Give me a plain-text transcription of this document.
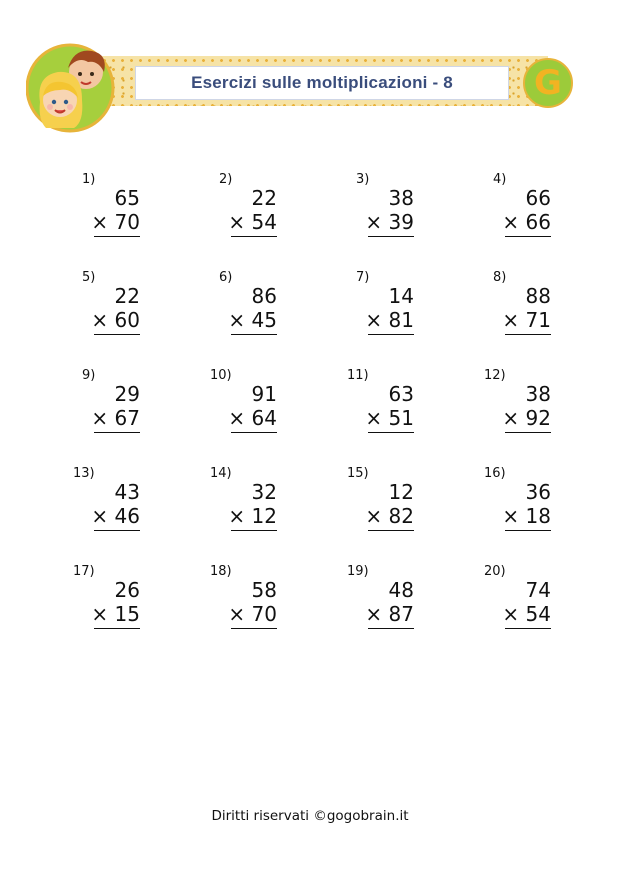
Esercizi sulle moltiplicazioni - 8 G
1)
65
× 70
2)
22
× 54
3)
38
× 39
4)
66
× 66
5)
22
× 60
6)
86
× 45
7)
14
× 81
8)
88
× 71
9)
29
× 67
10)
91
× 64
11)
63
× 51
12)
38
× 92
13)
43
× 46
14)
32
× 12
15)
12
× 82
16)
36
× 18
17)
26
× 15
18)
58
× 70
19)
48
× 87
20)
74
× 54
Diritti riservati ©gogobrain.it
